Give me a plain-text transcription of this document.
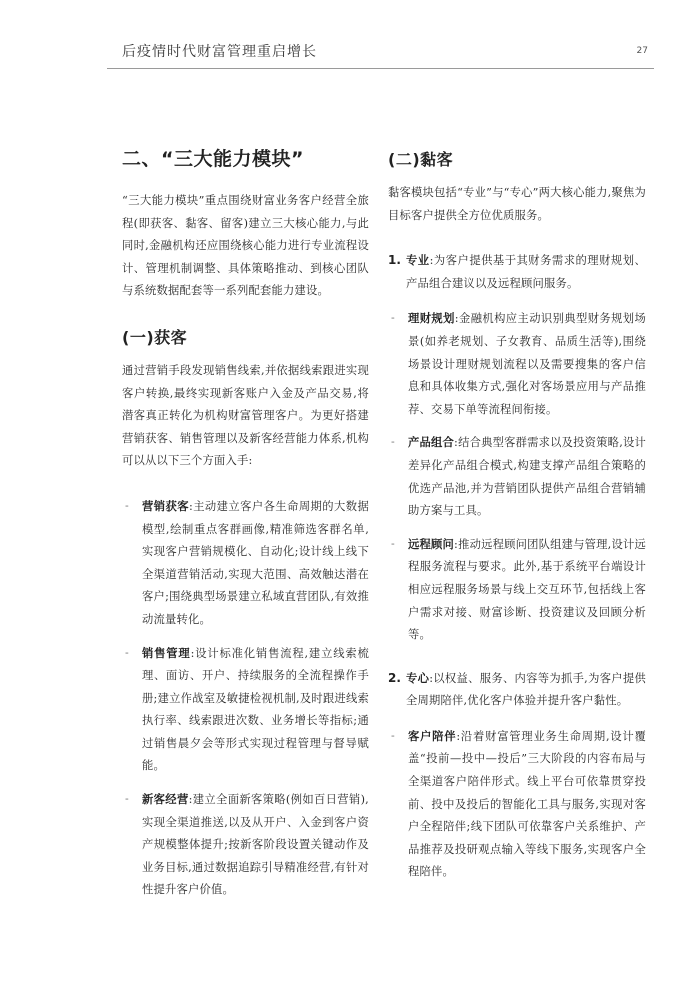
后疫情时代财富管理重启增长	27
二、“三大能力模块”

“三大能力模块”重点围绕财富业务客户经营全旅程(即获客、黏客、留客)建立三大核心能力,与此同时,金融机构还应围绕核心能力进行专业流程设计、管理机制调整、具体策略推动、到核心团队与系统数据配套等一系列配套能力建设。

(一)获客

通过营销手段发现销售线索,并依据线索跟进实现客户转换,最终实现新客账户入金及产品交易,将潜客真正转化为机构财富管理客户。为更好搭建营销获客、销售管理以及新客经营能力体系,机构可以从以下三个方面入手:

- 营销获客:主动建立客户各生命周期的大数据模型,绘制重点客群画像,精准筛选客群名单,实现客户营销规模化、自动化;设计线上线下全渠道营销活动,实现大范围、高效触达潜在客户;围绕典型场景建立私域直营团队,有效推动流量转化。

- 销售管理:设计标准化销售流程,建立线索梳理、面访、开户、持续服务的全流程操作手册;建立作战室及敏捷检视机制,及时跟进线索执行率、线索跟进次数、业务增长等指标;通过销售晨夕会等形式实现过程管理与督导赋能。

- 新客经营:建立全面新客策略(例如百日营销),实现全渠道推送,以及从开户、入金到客户资产规模整体提升;按新客阶段设置关键动作及业务目标,通过数据追踪引导精准经营,有针对性提升客户价值。

(二)黏客

黏客模块包括“专业”与“专心”两大核心能力,聚焦为目标客户提供全方位优质服务。

1. 专业:为客户提供基于其财务需求的理财规划、产品组合建议以及远程顾问服务。

- 理财规划:金融机构应主动识别典型财务规划场景(如养老规划、子女教育、品质生活等),围绕场景设计理财规划流程以及需要搜集的客户信息和具体收集方式,强化对客场景应用与产品推荐、交易下单等流程间衔接。

- 产品组合:结合典型客群需求以及投资策略,设计差异化产品组合模式,构建支撑产品组合策略的优选产品池,并为营销团队提供产品组合营销辅助方案与工具。

- 远程顾问:推动远程顾问团队组建与管理,设计远程服务流程与要求。此外,基于系统平台端设计相应远程服务场景与线上交互环节,包括线上客户需求对接、财富诊断、投资建议及回顾分析等。

2. 专心:以权益、服务、内容等为抓手,为客户提供全周期陪伴,优化客户体验并提升客户黏性。

- 客户陪伴:沿着财富管理业务生命周期,设计覆盖“投前—投中—投后”三大阶段的内容布局与全渠道客户陪伴形式。线上平台可依靠贯穿投前、投中及投后的智能化工具与服务,实现对客户全程陪伴;线下团队可依靠客户关系维护、产品推荐及投研观点输入等线下服务,实现客户全程陪伴。
